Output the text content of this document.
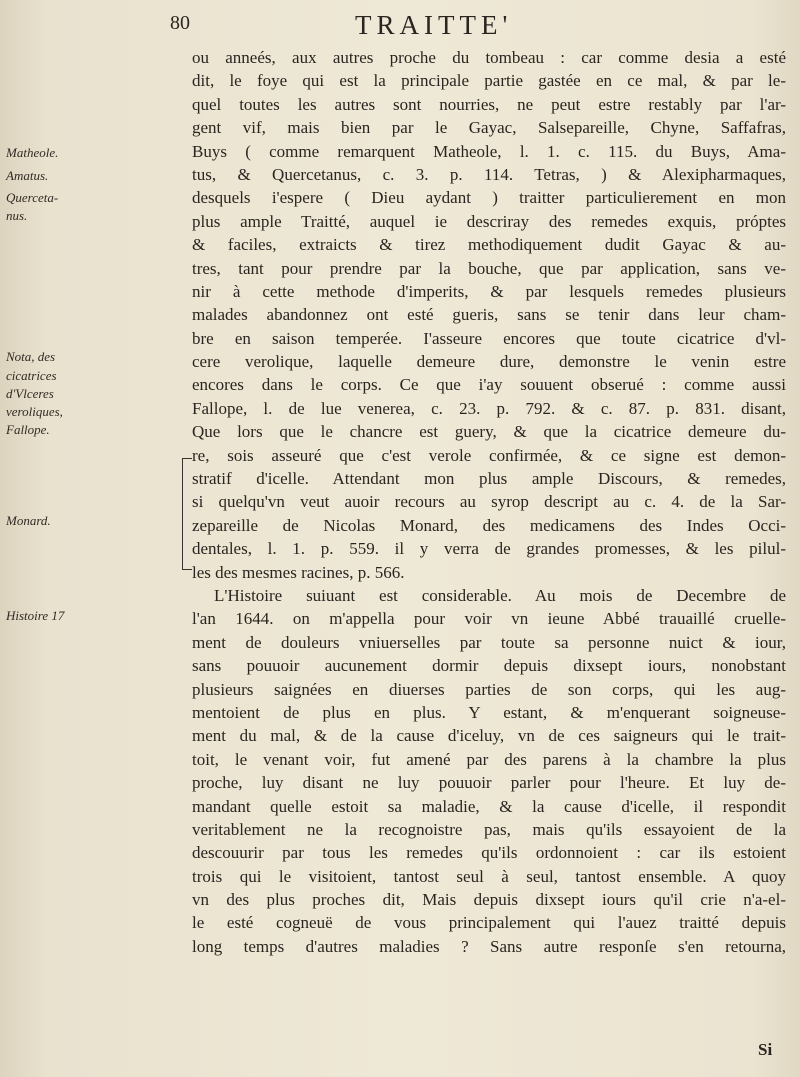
80	TRAITTE'
Matheole.
Amatus.
Querceta-
nus.
Nota, des
cicatrices
d'Vlceres
veroliques,
Fallope.
Monard.
Histoire 17
ou anneés, aux autres proche du tombeau : car comme desia a esté
dit, le foye qui est la principale partie gastée en ce mal, & par le-
quel toutes les autres sont nourries, ne peut estre restably par l'ar-
gent vif, mais bien par le Gayac, Salsepareille, Chyne, Saffafras,
Buys ( comme remarquent Matheole, l. 1. c. 115. du Buys, Ama-
tus, & Quercetanus, c. 3. p. 114. Tetras, ) & Alexipharmaques,
desquels i'espere ( Dieu aydant ) traitter particulierement en mon
plus ample Traitté, auquel ie descriray des remedes exquis, próptes
& faciles, extraicts & tirez methodiquement dudit Gayac & au-
tres, tant pour prendre par la bouche, que par application, sans ve-
nir à cette methode d'imperits, & par lesquels remedes plusieurs
malades abandonnez ont esté gueris, sans se tenir dans leur cham-
bre en saison temperée. I'asseure encores que toute cicatrice d'vl-
cere verolique, laquelle demeure dure, demonstre le venin estre
encores dans le corps. Ce que i'ay souuent obserué : comme aussi
Fallope, l. de lue venerea, c. 23. p. 792. & c. 87. p. 831. disant,
Que lors que le chancre est guery, & que la cicatrice demeure du-
re, sois asseuré que c'est verole confirmée, & ce signe est demon-
stratif d'icelle. Attendant mon plus ample Discours, & remedes,
si quelqu'vn veut auoir recours au syrop descript au c. 4. de la Sar-
zepareille de Nicolas Monard, des medicamens des Indes Occi-
dentales, l. 1. p. 559. il y verra de grandes promesses, & les pilul-
les des mesmes racines, p. 566.
L'Histoire suiuant est considerable. Au mois de Decembre de
l'an 1644. on m'appella pour voir vn ieune Abbé trauaillé cruelle-
ment de douleurs vniuerselles par toute sa personne nuict & iour,
sans pouuoir aucunement dormir depuis dixsept iours, nonobstant
plusieurs saignées en diuerses parties de son corps, qui les aug-
mentoient de plus en plus. Y estant, & m'enquerant soigneuse-
ment du mal, & de la cause d'iceluy, vn de ces saigneurs qui le trait-
toit, le venant voir, fut amené par des parens à la chambre la plus
proche, luy disant ne luy pouuoir parler pour l'heure. Et luy de-
mandant quelle estoit sa maladie, & la cause d'icelle, il respondit
veritablement ne la recognoistre pas, mais qu'ils essayoient de la
descouurir par tous les remedes qu'ils ordonnoient : car ils estoient
trois qui le visitoient, tantost seul à seul, tantost ensemble. A quoy
vn des plus proches dit, Mais depuis dixsept iours qu'il crie n'a-el-
le esté cogneuë de vous principalement qui l'auez traitté depuis
long temps d'autres maladies ? Sans autre responſe s'en retourna,
Si
